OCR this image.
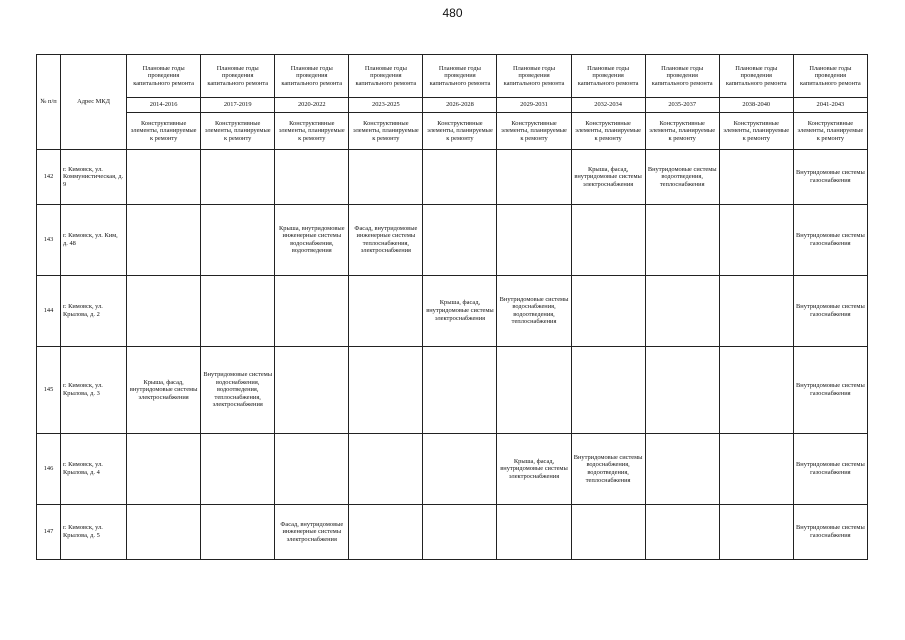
480
№ п/п	Адрес МКД	Плановые годы проведения капитального ремонта	Плановые годы проведения капитального ремонта	Плановые годы проведения капитального ремонта	Плановые годы проведения капитального ремонта	Плановые годы проведения капитального ремонта	Плановые годы проведения капитального ремонта	Плановые годы проведения капитального ремонта	Плановые годы проведения капитального ремонта	Плановые годы проведения капитального ремонта	Плановые годы проведения капитального ремонта
		2014-2016	2017-2019	2020-2022	2023-2025	2026-2028	2029-2031	2032-2034	2035-2037	2038-2040	2041-2043
		Конструктивные элементы, планируемые к ремонту	Конструктивные элементы, планируемые к ремонту	Конструктивные элементы, планируемые к ремонту	Конструктивные элементы, планируемые к ремонту	Конструктивные элементы, планируемые к ремонту	Конструктивные элементы, планируемые к ремонту	Конструктивные элементы, планируемые к ремонту	Конструктивные элементы, планируемые к ремонту	Конструктивные элементы, планируемые к ремонту	Конструктивные элементы, планируемые к ремонту
142	г. Кимовск, ул. Коммунистическая, д. 9							Крыша, фасад, внутридомовые системы электроснабжения	Внутридомовые системы водоотведения, теплоснабжения		Внутридомовые системы газоснабжения
143	г. Кимовск, ул. Ким, д. 48			Крыша, внутридомовые инженерные системы водоснабжения, водоотведения	Фасад, внутридомовые инженерные системы теплоснабжения, электроснабжения						Внутридомовые системы газоснабжения
144	г. Кимовск, ул. Крылова, д. 2					Крыша, фасад, внутридомовые системы электроснабжения	Внутридомовые системы водоснабжения, водоотведения, теплоснабжения				Внутридомовые системы газоснабжения
145	г. Кимовск, ул. Крылова, д. 3	Крыша, фасад, внутридомовые системы электроснабжения	Внутридомовые системы водоснабжения, водоотведения, теплоснабжения, электроснабжения								Внутридомовые системы газоснабжения
146	г. Кимовск, ул. Крылова, д. 4						Крыша, фасад, внутридомовые системы электроснабжения	Внутридомовые системы водоснабжения, водоотведения, теплоснабжения			Внутридомовые системы газоснабжения
147	г. Кимовск, ул. Крылова, д. 5			Фасад, внутридомовые инженерные системы электроснабжения							Внутридомовые системы газоснабжения
